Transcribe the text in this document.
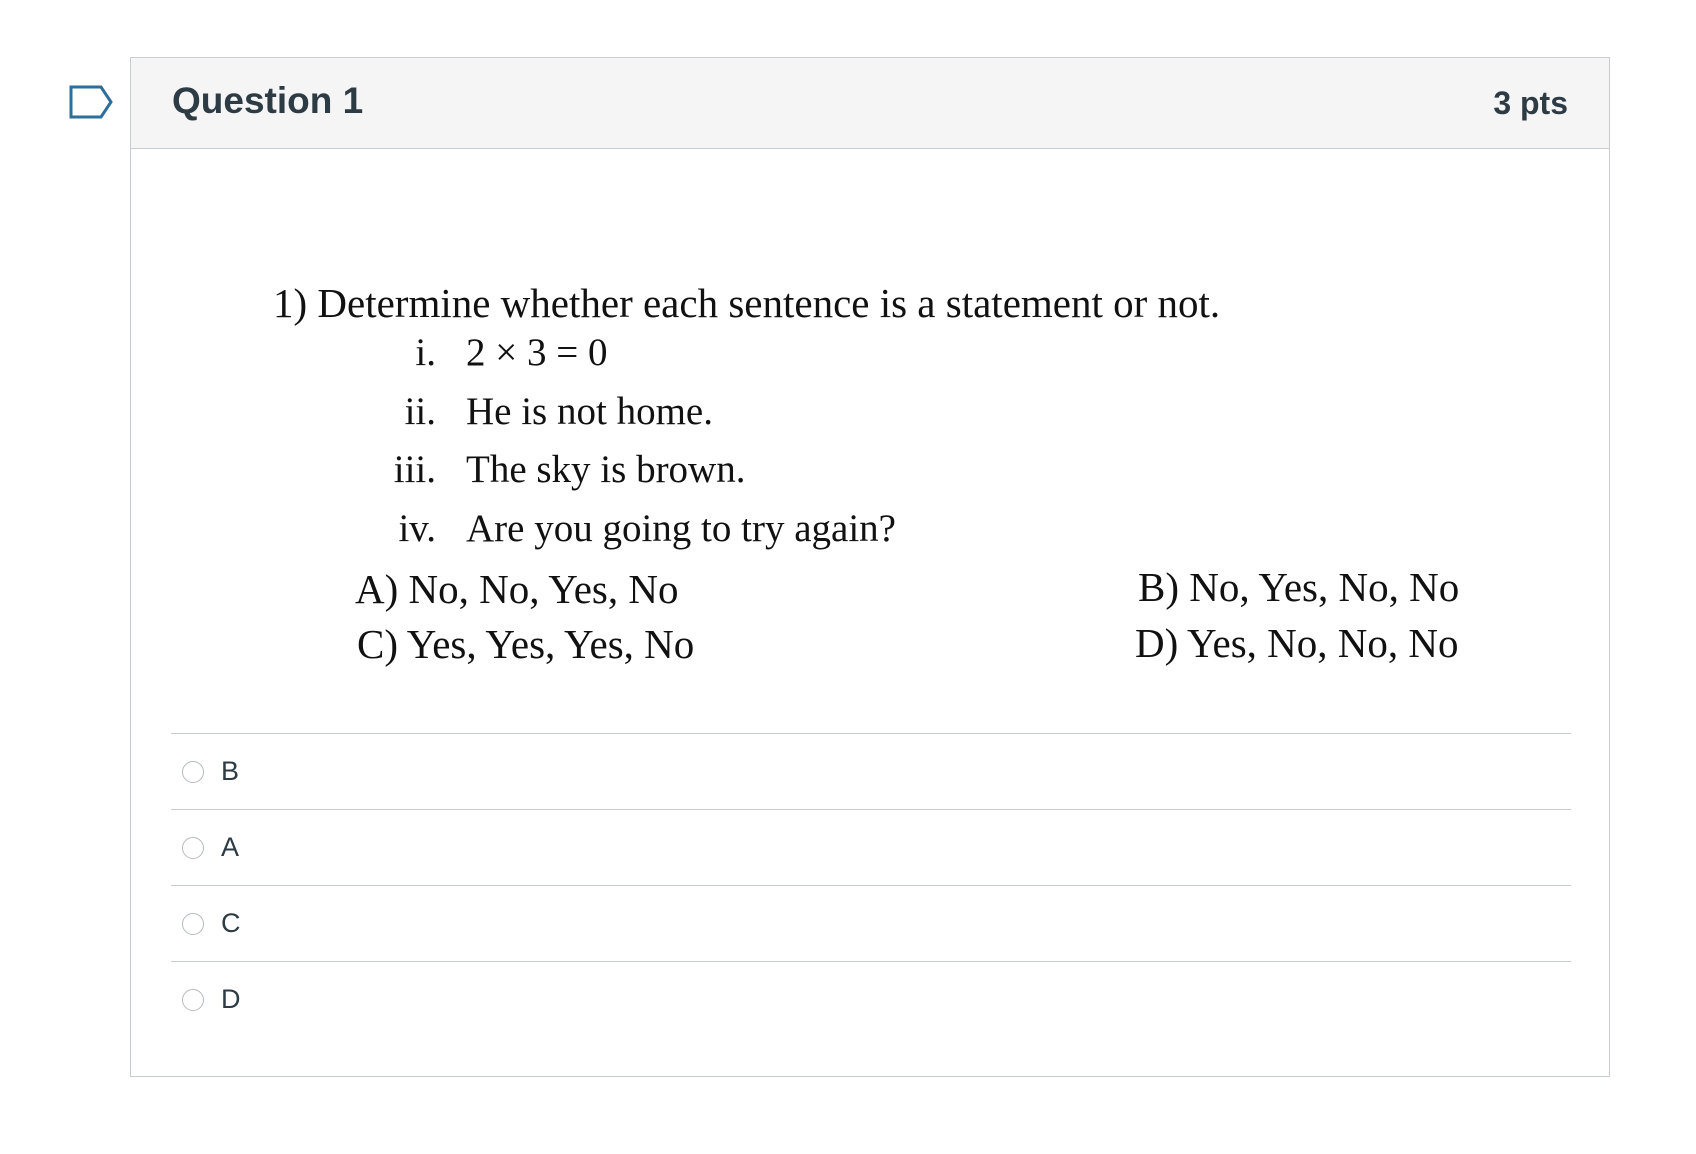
Question 1	3 pts
1) Determine whether each sentence is a statement or not.
i. 2 × 3 = 0
ii. He is not home.
iii. The sky is brown.
iv. Are you going to try again?
A) No, No, Yes, No	B) No, Yes, No, No
C) Yes, Yes, Yes, No	D) Yes, No, No, No
B
A
C
D
